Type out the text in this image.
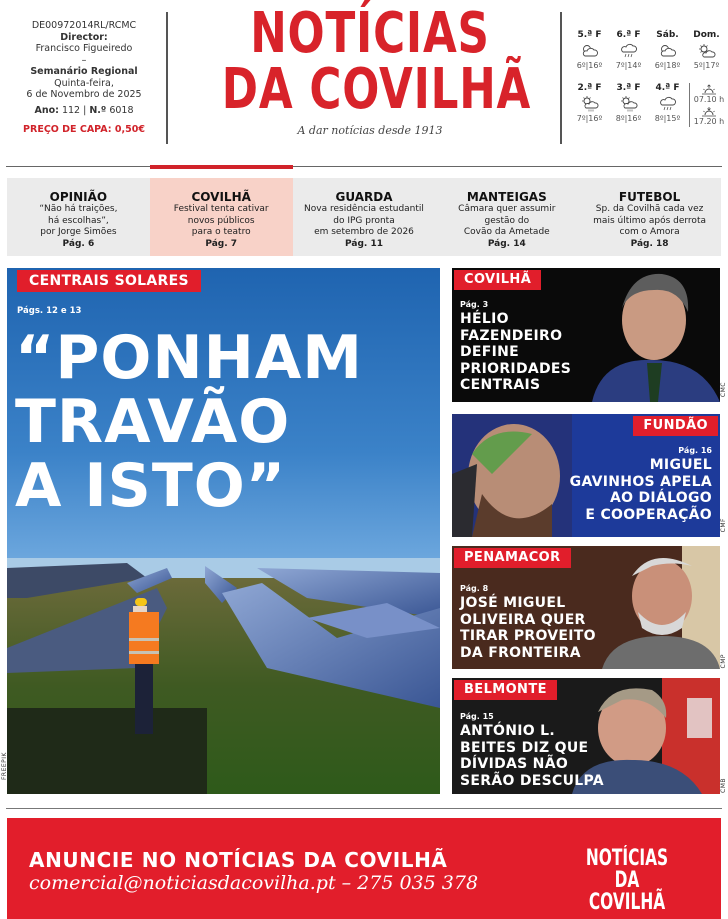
DE00972014RL/RCMC
Director:
Francisco Figueiredo
–
Semanário Regional
Quinta-feira,
6 de Novembro de 2025
Ano: 112 | N.º 6018
PREÇO DE CAPA: 0,50€
NOTÍCIAS
DA COVILHÃ
A dar notícias desde 1913
5.ª F
6º|16º
6.ª F
7º|14º
Sáb.
6º|18º
Dom.
5º|17º
2.ª F
7º|16º
3.ª F
8º|16º
4.ª F
8º|15º
07.10 h
17.20 h
OPINIÃO
“Não há traições,
há escolhas”,
por Jorge Simões
Pág. 6
COVILHÃ
Festival tenta cativar
novos públicos
para o teatro
Pág. 7
GUARDA
Nova residência estudantil
do IPG pronta
em setembro de 2026
Pág. 11
MANTEIGAS
Câmara quer assumir
gestão do
Covão da Ametade
Pág. 14
FUTEBOL
Sp. da Covilhã cada vez
mais último após derrota
com o Amora
Pág. 18
CENTRAIS SOLARES
Págs. 12 e 13
“PONHAM
TRAVÃO
A ISTO”
FREEPIK
COVILHÃ
Pág. 3
HÉLIO
FAZENDEIRO
DEFINE
PRIORIDADES
CENTRAIS	CMC
FUNDÃO
Pág. 16
MIGUEL
GAVINHOS APELA
AO DIÁLOGO
E COOPERAÇÃO
CMF
PENAMACOR
Pág. 8
JOSÉ MIGUEL
OLIVEIRA QUER
TIRAR PROVEITO
DA FRONTEIRA
CMP
BELMONTE
Pág. 15
ANTÓNIO L.
BEITES DIZ QUE
DÍVIDAS NÃO
SERÃO DESCULPA	CMB
ANUNCIE NO NOTÍCIAS DA COVILHÃ
comercial@noticiasdacovilha.pt – 275 035 378
NOTÍCIAS
DA COVILHÃ
